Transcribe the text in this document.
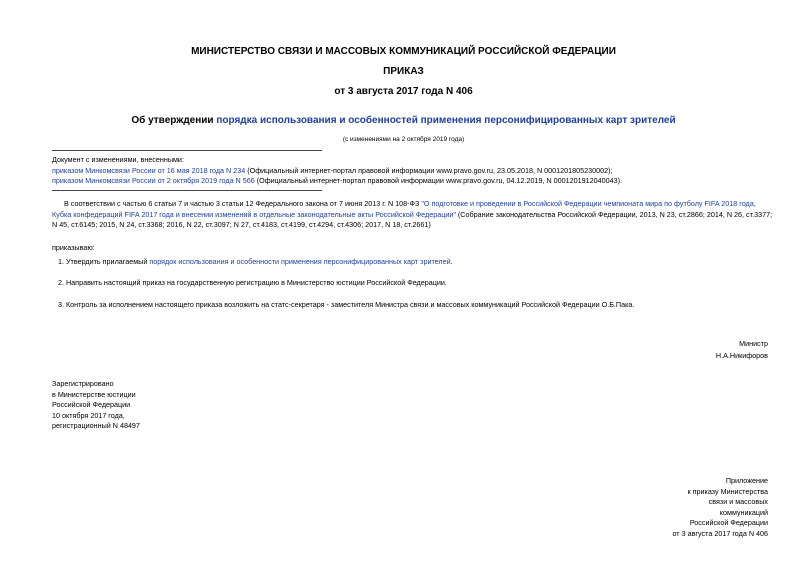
МИНИСТЕРСТВО СВЯЗИ И МАССОВЫХ КОММУНИКАЦИЙ РОССИЙСКОЙ ФЕДЕРАЦИИ
ПРИКАЗ
от 3 августа 2017 года N 406
Об утверждении порядка использования и особенностей применения персонифицированных карт зрителей
(с изменениями на 2 октября 2019 года)
Документ с изменениями, внесенными:
приказом Минкомсвязи России от 16 мая 2018 года N 234 (Официальный интернет-портал правовой информации www.pravo.gov.ru, 23.05.2018, N 0001201805230002);
приказом Минкомсвязи России от 2 октября 2019 года N 566 (Официальный интернет-портал правовой информации www.pravo.gov.ru, 04.12.2019, N 0001201912040043).
В соответствии с частью 6 статьи 7 и частью 3 статьи 12 Федерального закона от 7 июня 2013 г. N 108-ФЗ "О подготовке и проведении в Российской Федерации чемпионата мира по футболу FIFA 2018 года,
Кубка конфедераций FIFA 2017 года и внесении изменений в отдельные законодательные акты Российской Федерации" (Собрание законодательства Российской Федерации, 2013, N 23, ст.2866; 2014, N 26, ст.3377;
N 45, ст.6145; 2015, N 24, ст.3368; 2016, N 22, ст.3097; N 27, ст.4183, ст.4199, ст.4294, ст.4306; 2017, N 18, ст.2661)
приказываю:
1. Утвердить прилагаемый порядок использования и особенности применения персонифицированных карт зрителей.
2. Направить настоящий приказ на государственную регистрацию в Министерство юстиции Российской Федерации.
3. Контроль за исполнением настоящего приказа возложить на статс-секретаря - заместителя Министра связи и массовых коммуникаций Российской Федерации О.Б.Пака.
Министр
Н.А.Никифоров
Зарегистрировано
в Министерстве юстиции
Российской Федерации
10 октября 2017 года,
регистрационный N 48497
Приложение
к приказу Министерства
связи и массовых
коммуникаций
Российской Федерации
от 3 августа 2017 года N 406
